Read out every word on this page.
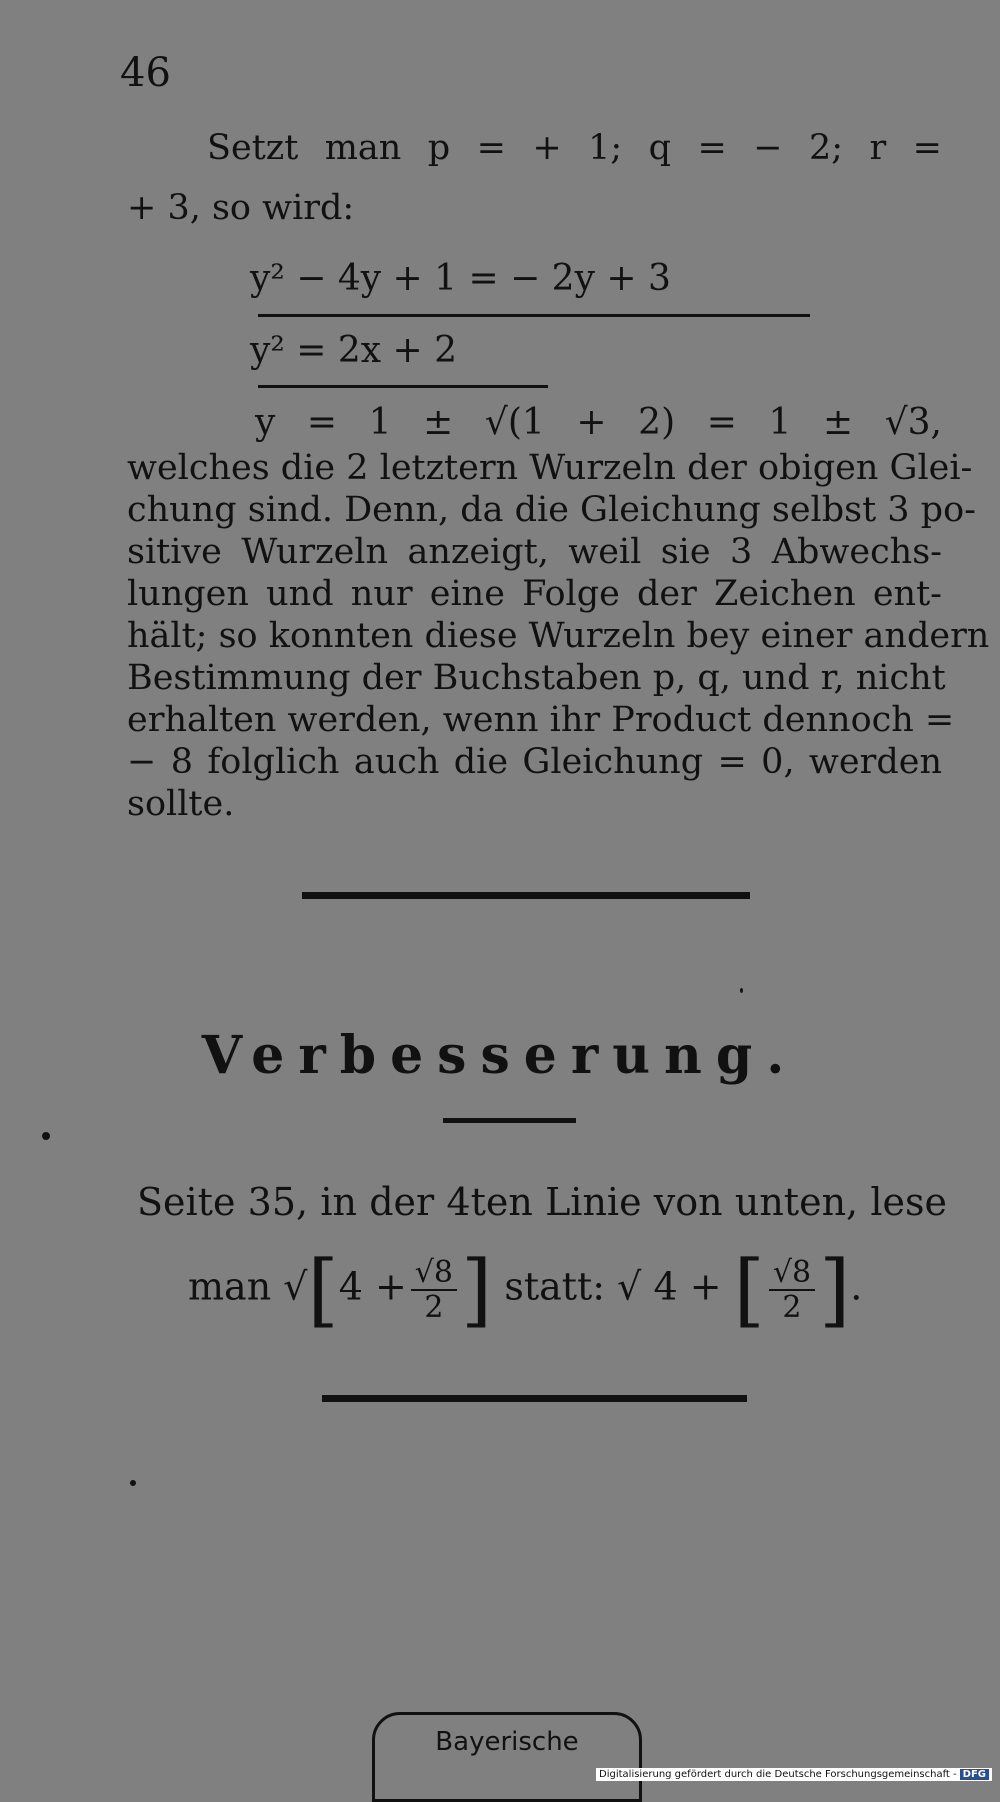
46
Setzt man p = + 1; q = − 2; r =
+ 3, so wird:
y² − 4y + 1 = − 2y + 3
y² = 2x + 2
y = 1 ± √(1 + 2) = 1 ± √3,
welches die 2 letztern Wurzeln der obigen Glei-
chung sind. Denn, da die Gleichung selbst 3 po-
sitive Wurzeln anzeigt, weil sie 3 Abwechs-
lungen und nur eine Folge der Zeichen ent-
hält; so konnten diese Wurzeln bey einer andern
Bestimmung der Buchstaben p, q, und r, nicht
erhalten werden, wenn ihr Product dennoch =
− 8 folglich auch die Gleichung = 0, werden
sollte.
Verbesserung.
Seite 35, in der 4ten Linie von unten, lese
man $√[4 + \frac{√8}{2}$ ] statt: √ 4 + [ $\frac{√8}{2}$ ].
Bayerische
Digitalisierung gefördert durch die Deutsche Forschungsgemeinschaft - DFG
